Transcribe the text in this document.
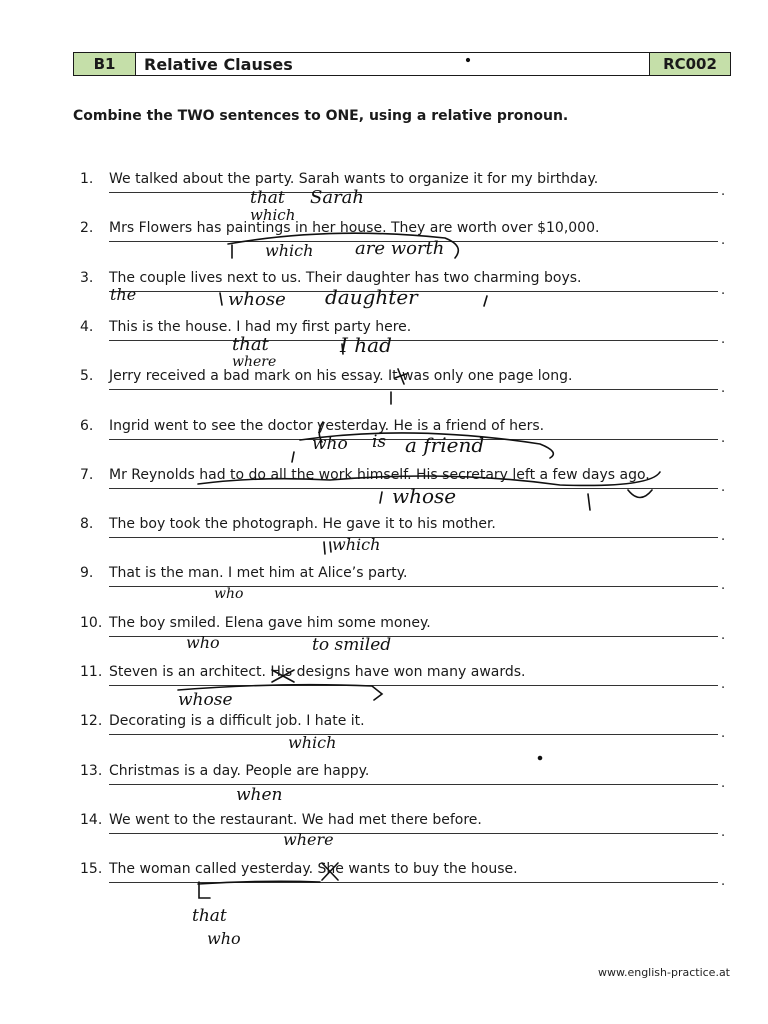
B1	Relative Clauses	RC002
Combine the TWO sentences to ONE, using a relative pronoun.
1.	We talked about the party. Sarah wants to organize it for my birthday.
.
2.	Mrs Flowers has paintings in her house. They are worth over $10,000.
.
3.	The couple lives next to us. Their daughter has two charming boys.
.
4.	This is the house. I had my first party here.
.
5.	Jerry received a bad mark on his essay. It was only one page long.
.
6.	Ingrid went to see the doctor yesterday. He is a friend of hers.
.
7.	Mr Reynolds had to do all the work himself. His secretary left a few days ago.
.
8.	The boy took the photograph. He gave it to his mother.
.
9.	That is the man. I met him at Alice’s party.
.
10. The boy smiled. Elena gave him some money.
.
11. Steven is an architect. His designs have won many awards.
.
12. Decorating is a difficult job. I hate it.
.
13. Christmas is a day. People are happy.
.
14. We went to the restaurant. We had met there before.
.
15. The woman called yesterday. She wants to buy the house.
.
that Sarah
which
which are worth
the	whose daughter
that
where
I had
who is a friend
whose
which
who
who	to smiled
whose
which
when
where
that
who
www.english-practice.at
